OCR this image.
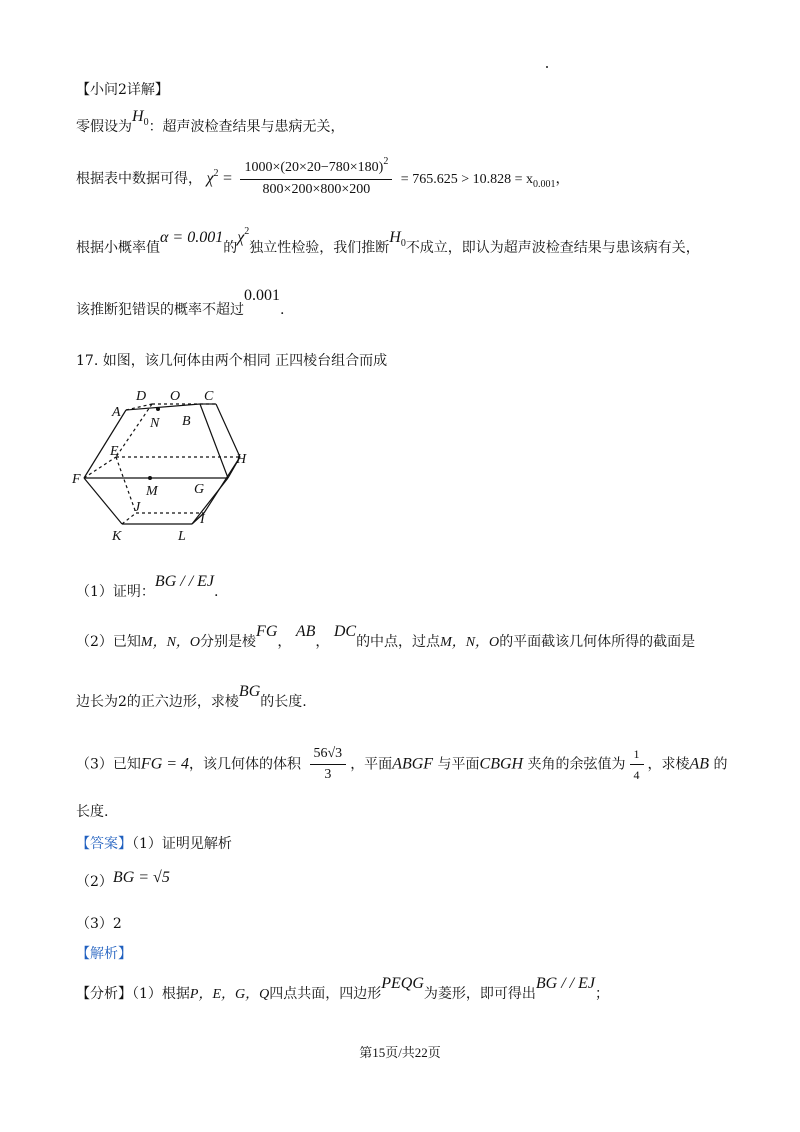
【小问2详解】
零假设为$H^0$：超声波检查结果与患病无关，
根据表中数据可得， $\chi^2 = \frac{1000\times(20\times 20-780\times 180)^2}{800\times 200\times 800\times 200} = 765.625 > 10.828 = x_{0.001}$，
根据小概率值α = 0.001的$\chi^2$独立性检验，我们推断$H^0$不成立，即认为超声波检查结果与患该病有关，
该推断犯错误的概率不超过0.001.
17. 如图，该几何体由两个相同 正四棱台组合而成
D O C
A
N B
E
H
F
M	G
J
I
K	L
（1）证明：BG / / EJ.
（2）已知M，N，O分别是棱FG， AB， DC的中点，过点M，N，O的平面截该几何体所得的截面是
边长为2的正六边形，求棱BG的长度.
（3）已知FG = 4，该几何体的体积 $\frac{56√3}{3}$ ，平面ABGF 与平面CBGH 夹角的余弦值为 $\frac{1}{4}$ ，求棱AB 的
长度.
【答案】（1）证明见解析
（2）BG = √5
（3）2
【解析】
【分析】（1）根据P，E，G，Q四点共面，四边形PEQG为菱形，即可得出BG / / EJ；
第15页/共22页
